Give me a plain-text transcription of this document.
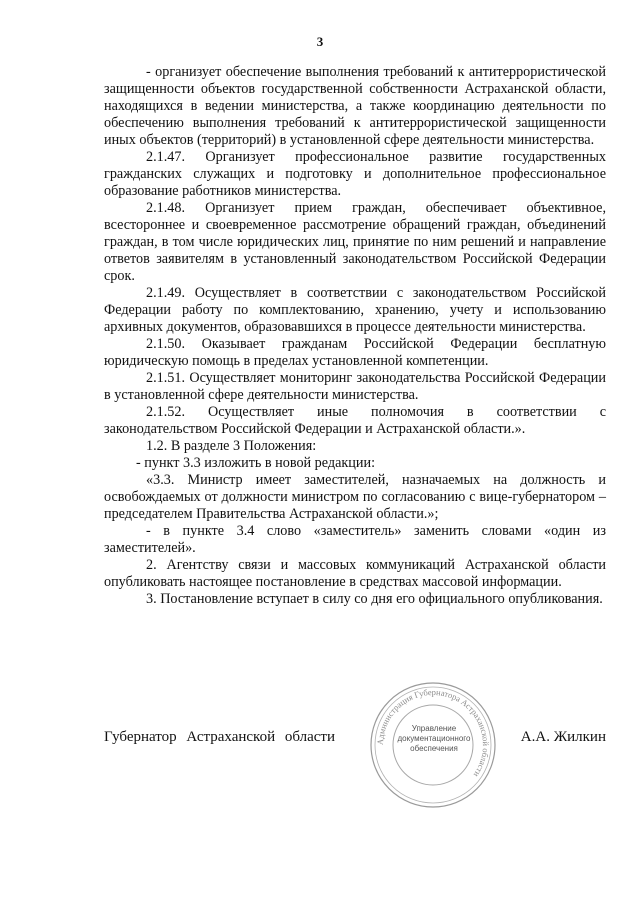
3

- организует обеспечение выполнения требований к антитеррористической защищенности объектов государственной собственности Астраханской области, находящихся в ведении министерства, а также координацию деятельности по обеспечению выполнения требований к антитеррористической защищенности иных объектов (территорий) в установленной сфере деятельности министерства.

2.1.47. Организует профессиональное развитие государственных гражданских служащих и подготовку и дополнительное профессиональное образование работников министерства.

2.1.48. Организует прием граждан, обеспечивает объективное, всестороннее и своевременное рассмотрение обращений граждан, объединений граждан, в том числе юридических лиц, принятие по ним решений и направление ответов заявителям в установленный законодательством Российской Федерации срок.

2.1.49. Осуществляет в соответствии с законодательством Российской Федерации работу по комплектованию, хранению, учету и использованию архивных документов, образовавшихся в процессе деятельности министерства.

2.1.50. Оказывает гражданам Российской Федерации бесплатную юридическую помощь в пределах установленной компетенции.

2.1.51. Осуществляет мониторинг законодательства Российской Федерации в установленной сфере деятельности министерства.

2.1.52. Осуществляет иные полномочия в соответствии с законодательством Российской Федерации и Астраханской области.».

1.2. В разделе 3 Положения:

- пункт 3.3 изложить в новой редакции:

«3.3. Министр имеет заместителей, назначаемых на должность и освобождаемых от должности министром по согласованию с вице-губернатором – председателем Правительства Астраханской области.»;

- в пункте 3.4 слово «заместитель» заменить словами «один из заместителей».

2. Агентству связи и массовых коммуникаций Астраханской области опубликовать настоящее постановление в средствах массовой информации.

3. Постановление вступает в силу со дня его официального опубликования.

Администрация Губернатора Астраханской области
Управление документационного обеспечения
Губернатор Астраханской области	А.А. Жилкин
